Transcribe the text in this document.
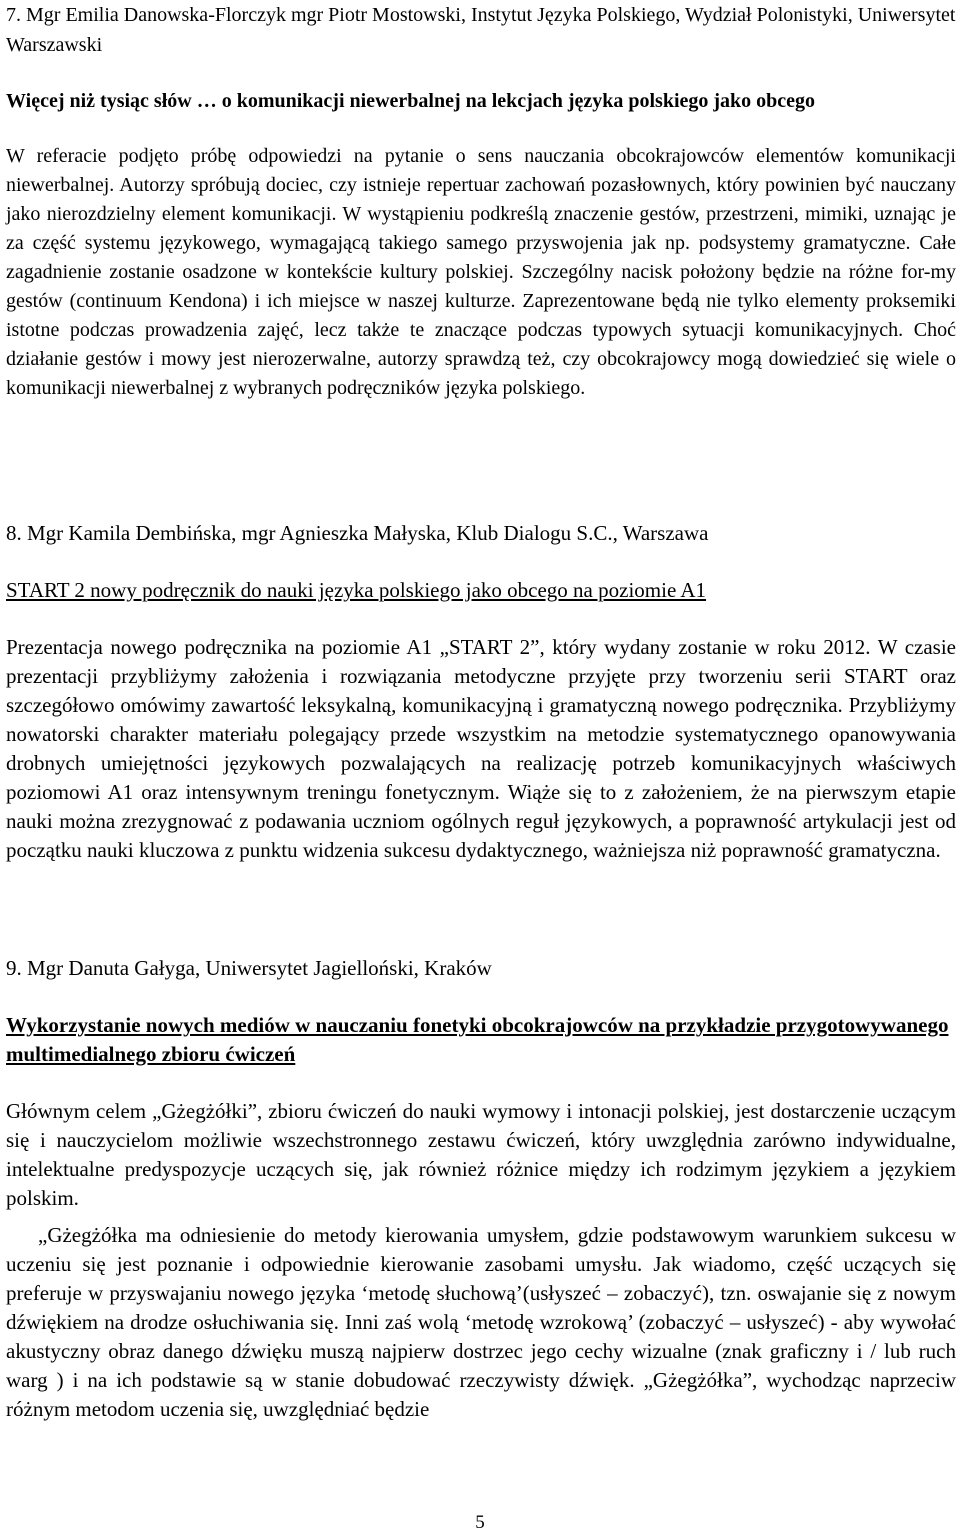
7. Mgr Emilia Danowska-Florczyk mgr Piotr Mostowski, Instytut Języka Polskiego, Wydział Polonistyki, Uniwersytet Warszawski

Więcej niż tysiąc słów … o komunikacji niewerbalnej na lekcjach języka polskiego jako obcego

W referacie podjęto próbę odpowiedzi na pytanie o sens nauczania obcokrajowców elementów komunikacji niewerbalnej. Autorzy spróbują dociec, czy istnieje repertuar zachowań pozasłownych, który powinien być nauczany jako nierozdzielny element komunikacji. W wystąpieniu podkreślą znaczenie gestów, przestrzeni, mimiki, uznając je za część systemu językowego, wymagającą takiego samego przyswojenia jak np. podsystemy gramatyczne. Całe zagadnienie zostanie osadzone w kontekście kultury polskiej. Szczególny nacisk położony będzie na różne for-my gestów (continuum Kendona) i ich miejsce w naszej kulturze. Zaprezentowane będą nie tylko elementy proksemiki istotne podczas prowadzenia zajęć, lecz także te znaczące podczas typowych sytuacji komunikacyjnych. Choć działanie gestów i mowy jest nierozerwalne, autorzy sprawdzą też, czy obcokrajowcy mogą dowiedzieć się wiele o komunikacji niewerbalnej z wybranych podręczników języka polskiego.

8. Mgr Kamila Dembińska, mgr Agnieszka Małyska, Klub Dialogu S.C., Warszawa

START 2 nowy podręcznik do nauki języka polskiego jako obcego na poziomie A1

Prezentacja nowego podręcznika na poziomie A1 „START 2”, który wydany zostanie w roku 2012. W czasie prezentacji przybliżymy założenia i rozwiązania metodyczne przyjęte przy tworzeniu serii START oraz szczegółowo omówimy zawartość leksykalną, komunikacyjną i gramatyczną nowego podręcznika. Przybliżymy nowatorski charakter materiału polegający przede wszystkim na metodzie systematycznego opanowywania drobnych umiejętności językowych pozwalających na realizację potrzeb komunikacyjnych właściwych poziomowi A1 oraz intensywnym treningu fonetycznym. Wiąże się to z założeniem, że na pierwszym etapie nauki można zrezygnować z podawania uczniom ogólnych reguł językowych, a poprawność artykulacji jest od początku nauki kluczowa z punktu widzenia sukcesu dydaktycznego, ważniejsza niż poprawność gramatyczna.

9. Mgr Danuta Gałyga, Uniwersytet Jagielloński, Kraków

Wykorzystanie nowych mediów w nauczaniu fonetyki obcokrajowców na przykładzie przygotowywanego multimedialnego zbioru ćwiczeń

Głównym celem „Gżegżółki”, zbioru ćwiczeń do nauki wymowy i intonacji polskiej, jest dostarczenie uczącym się i nauczycielom możliwie wszechstronnego zestawu ćwiczeń, który uwzględnia zarówno indywidualne, intelektualne predyspozycje uczących się, jak również różnice między ich rodzimym językiem a językiem polskim.

„Gżegżółka ma odniesienie do metody kierowania umysłem, gdzie podstawowym warunkiem sukcesu w uczeniu się jest poznanie i odpowiednie kierowanie zasobami umysłu. Jak wiadomo, część uczących się preferuje w przyswajaniu nowego języka ‘metodę słuchową’(usłyszeć – zobaczyć), tzn. oswajanie się z nowym dźwiękiem na drodze osłuchiwania się. Inni zaś wolą ‘metodę wzrokową’ (zobaczyć – usłyszeć) - aby wywołać akustyczny obraz danego dźwięku muszą najpierw dostrzec jego cechy wizualne (znak graficzny i / lub ruch warg ) i na ich podstawie są w stanie dobudować rzeczywisty dźwięk. „Gżegżółka”, wychodząc naprzeciw różnym metodom uczenia się, uwzględniać będzie

5
